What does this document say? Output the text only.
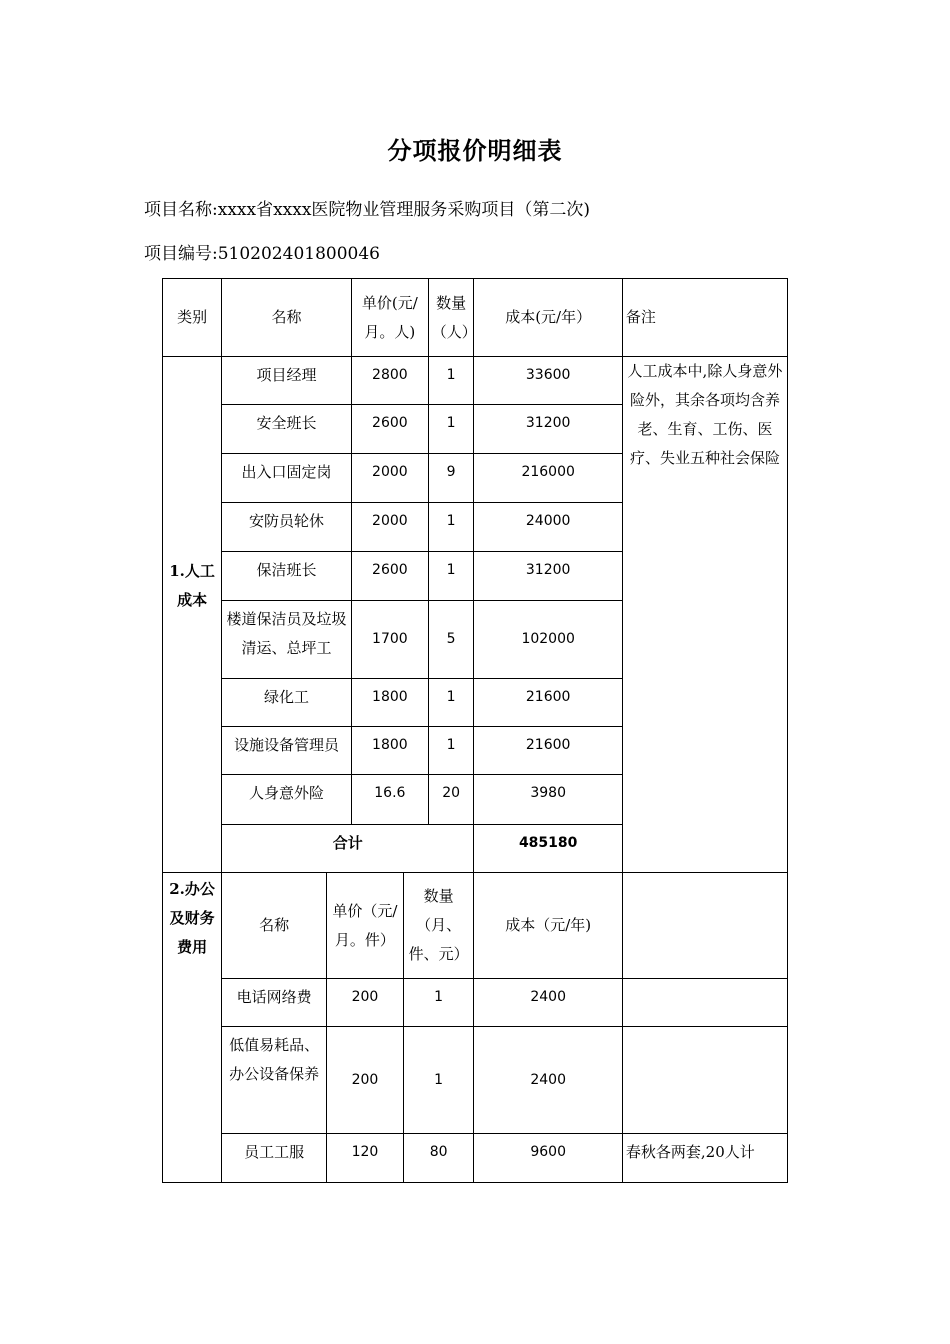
分项报价明细表
项目名称:xxxx省xxxx医院物业管理服务采购项目（第二次)
项目编号:510202401800046
类别	名称		单价(元/月。人)		数量（人）	成本(元/年）	备注
1.人工成本	项目经理		2800		1	33600	人工成本中,除人身意外险外，其余各项均含养老、生育、工伤、医疗、失业五种社会保险
	安全班长		2600		1	31200	
	出入口固定岗		2000		9	216000	
	安防员轮休		2000		1	24000	
	保洁班长		2600		1	31200	
	楼道保洁员及垃圾清运、总坪工		1700		5	102000	
	绿化工		1800		1	21600	
	设施设备管理员		1800		1	21600	
	人身意外险		16.6		20	3980	
	合计					485180	
2.办公及财务费用	名称	单价（元/月。件）		数量（月、件、元）		成本（元/年)	
	电话网络费	200		1		2400	
	低值易耗品、办公设备保养	200		1		2400	
	员工工服	120		80		9600	春秋各两套,20人计
